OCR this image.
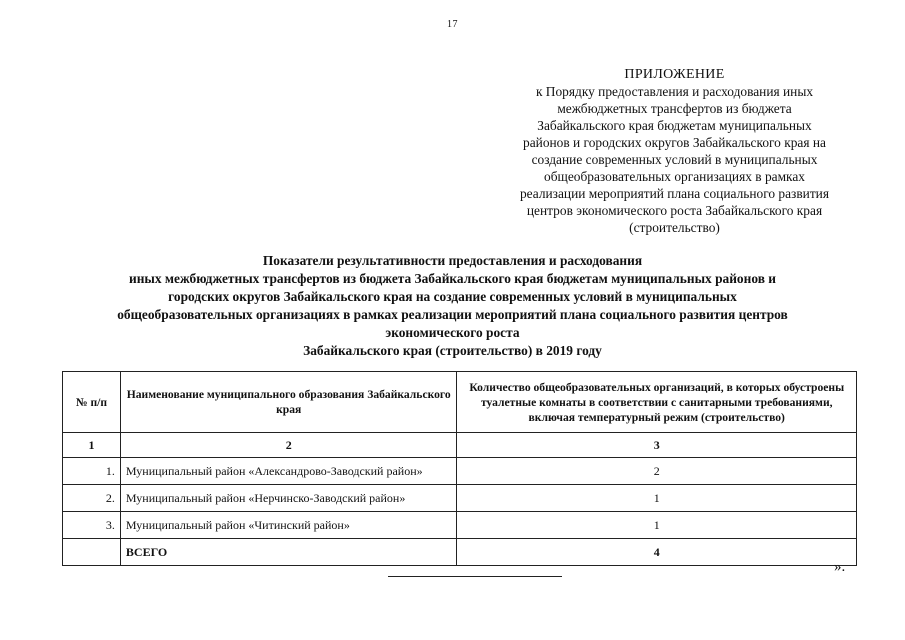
17
ПРИЛОЖЕНИЕ
к Порядку предоставления и расходования иных
межбюджетных трансфертов из бюджета
Забайкальского края бюджетам муниципальных
районов и городских округов Забайкальского края на
создание современных условий в муниципальных
общеобразовательных организациях в рамках
реализации мероприятий плана социального развития
центров экономического роста Забайкальского края
(строительство)
Показатели результативности предоставления и расходования
иных межбюджетных трансфертов из бюджета Забайкальского края бюджетам муниципальных районов и
городских округов Забайкальского края на создание современных условий в муниципальных
общеобразовательных организациях в рамках реализации мероприятий плана социального развития центров
экономического роста
Забайкальского края (строительство) в 2019 году
№ п/п	Наименование муниципального образования Забайкальского края	Количество общеобразовательных организаций, в которых обустроены туалетные комнаты в соответствии с санитарными требованиями, включая температурный режим (строительство)
1	2	3
1.	Муниципальный район «Александрово-Заводский район»	2
2.	Муниципальный район «Нерчинско-Заводский район»	1
3.	Муниципальный район «Читинский район»	1
	ВСЕГО	4
».
